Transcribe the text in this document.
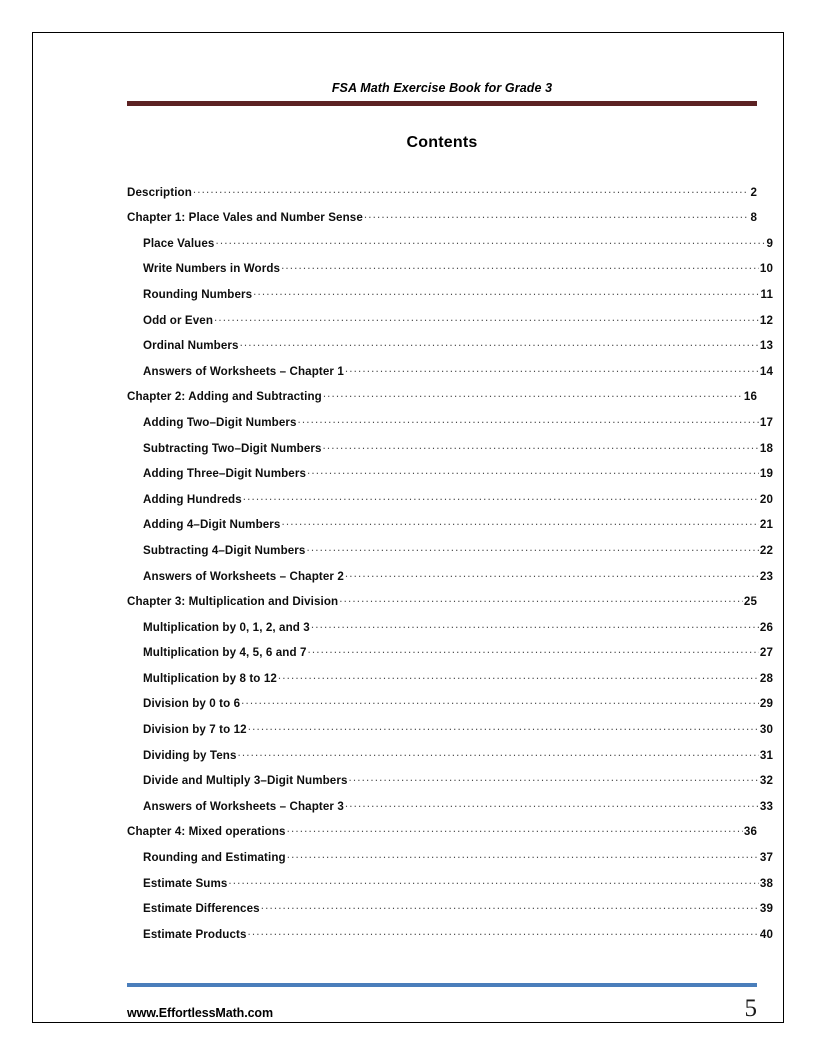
FSA Math Exercise Book for Grade 3
Contents
Description .....	2
Chapter 1: Place Vales and Number Sense .....	8
Place Values .....	9
Write Numbers in Words .....	10
Rounding Numbers .....	11
Odd or Even .....	12
Ordinal Numbers .....	13
Answers of Worksheets – Chapter 1 .....	14
Chapter 2: Adding and Subtracting .....	16
Adding Two–Digit Numbers .....	17
Subtracting Two–Digit Numbers .....	18
Adding Three–Digit Numbers .....	19
Adding Hundreds .....	20
Adding 4–Digit Numbers .....	21
Subtracting 4–Digit Numbers .....	22
Answers of Worksheets – Chapter 2 .....	23
Chapter 3: Multiplication and Division .....	25
Multiplication by 0, 1, 2, and 3 .....	26
Multiplication by 4, 5, 6 and 7 .....	27
Multiplication by 8 to 12 .....	28
Division by 0 to 6 .....	29
Division by 7 to 12 .....	30
Dividing by Tens .....	31
Divide and Multiply 3–Digit Numbers .....	32
Answers of Worksheets – Chapter 3 .....	33
Chapter 4: Mixed operations .....	36
Rounding and Estimating .....	37
Estimate Sums .....	38
Estimate Differences .....	39
Estimate Products .....	40
www.EffortlessMath.com	5
